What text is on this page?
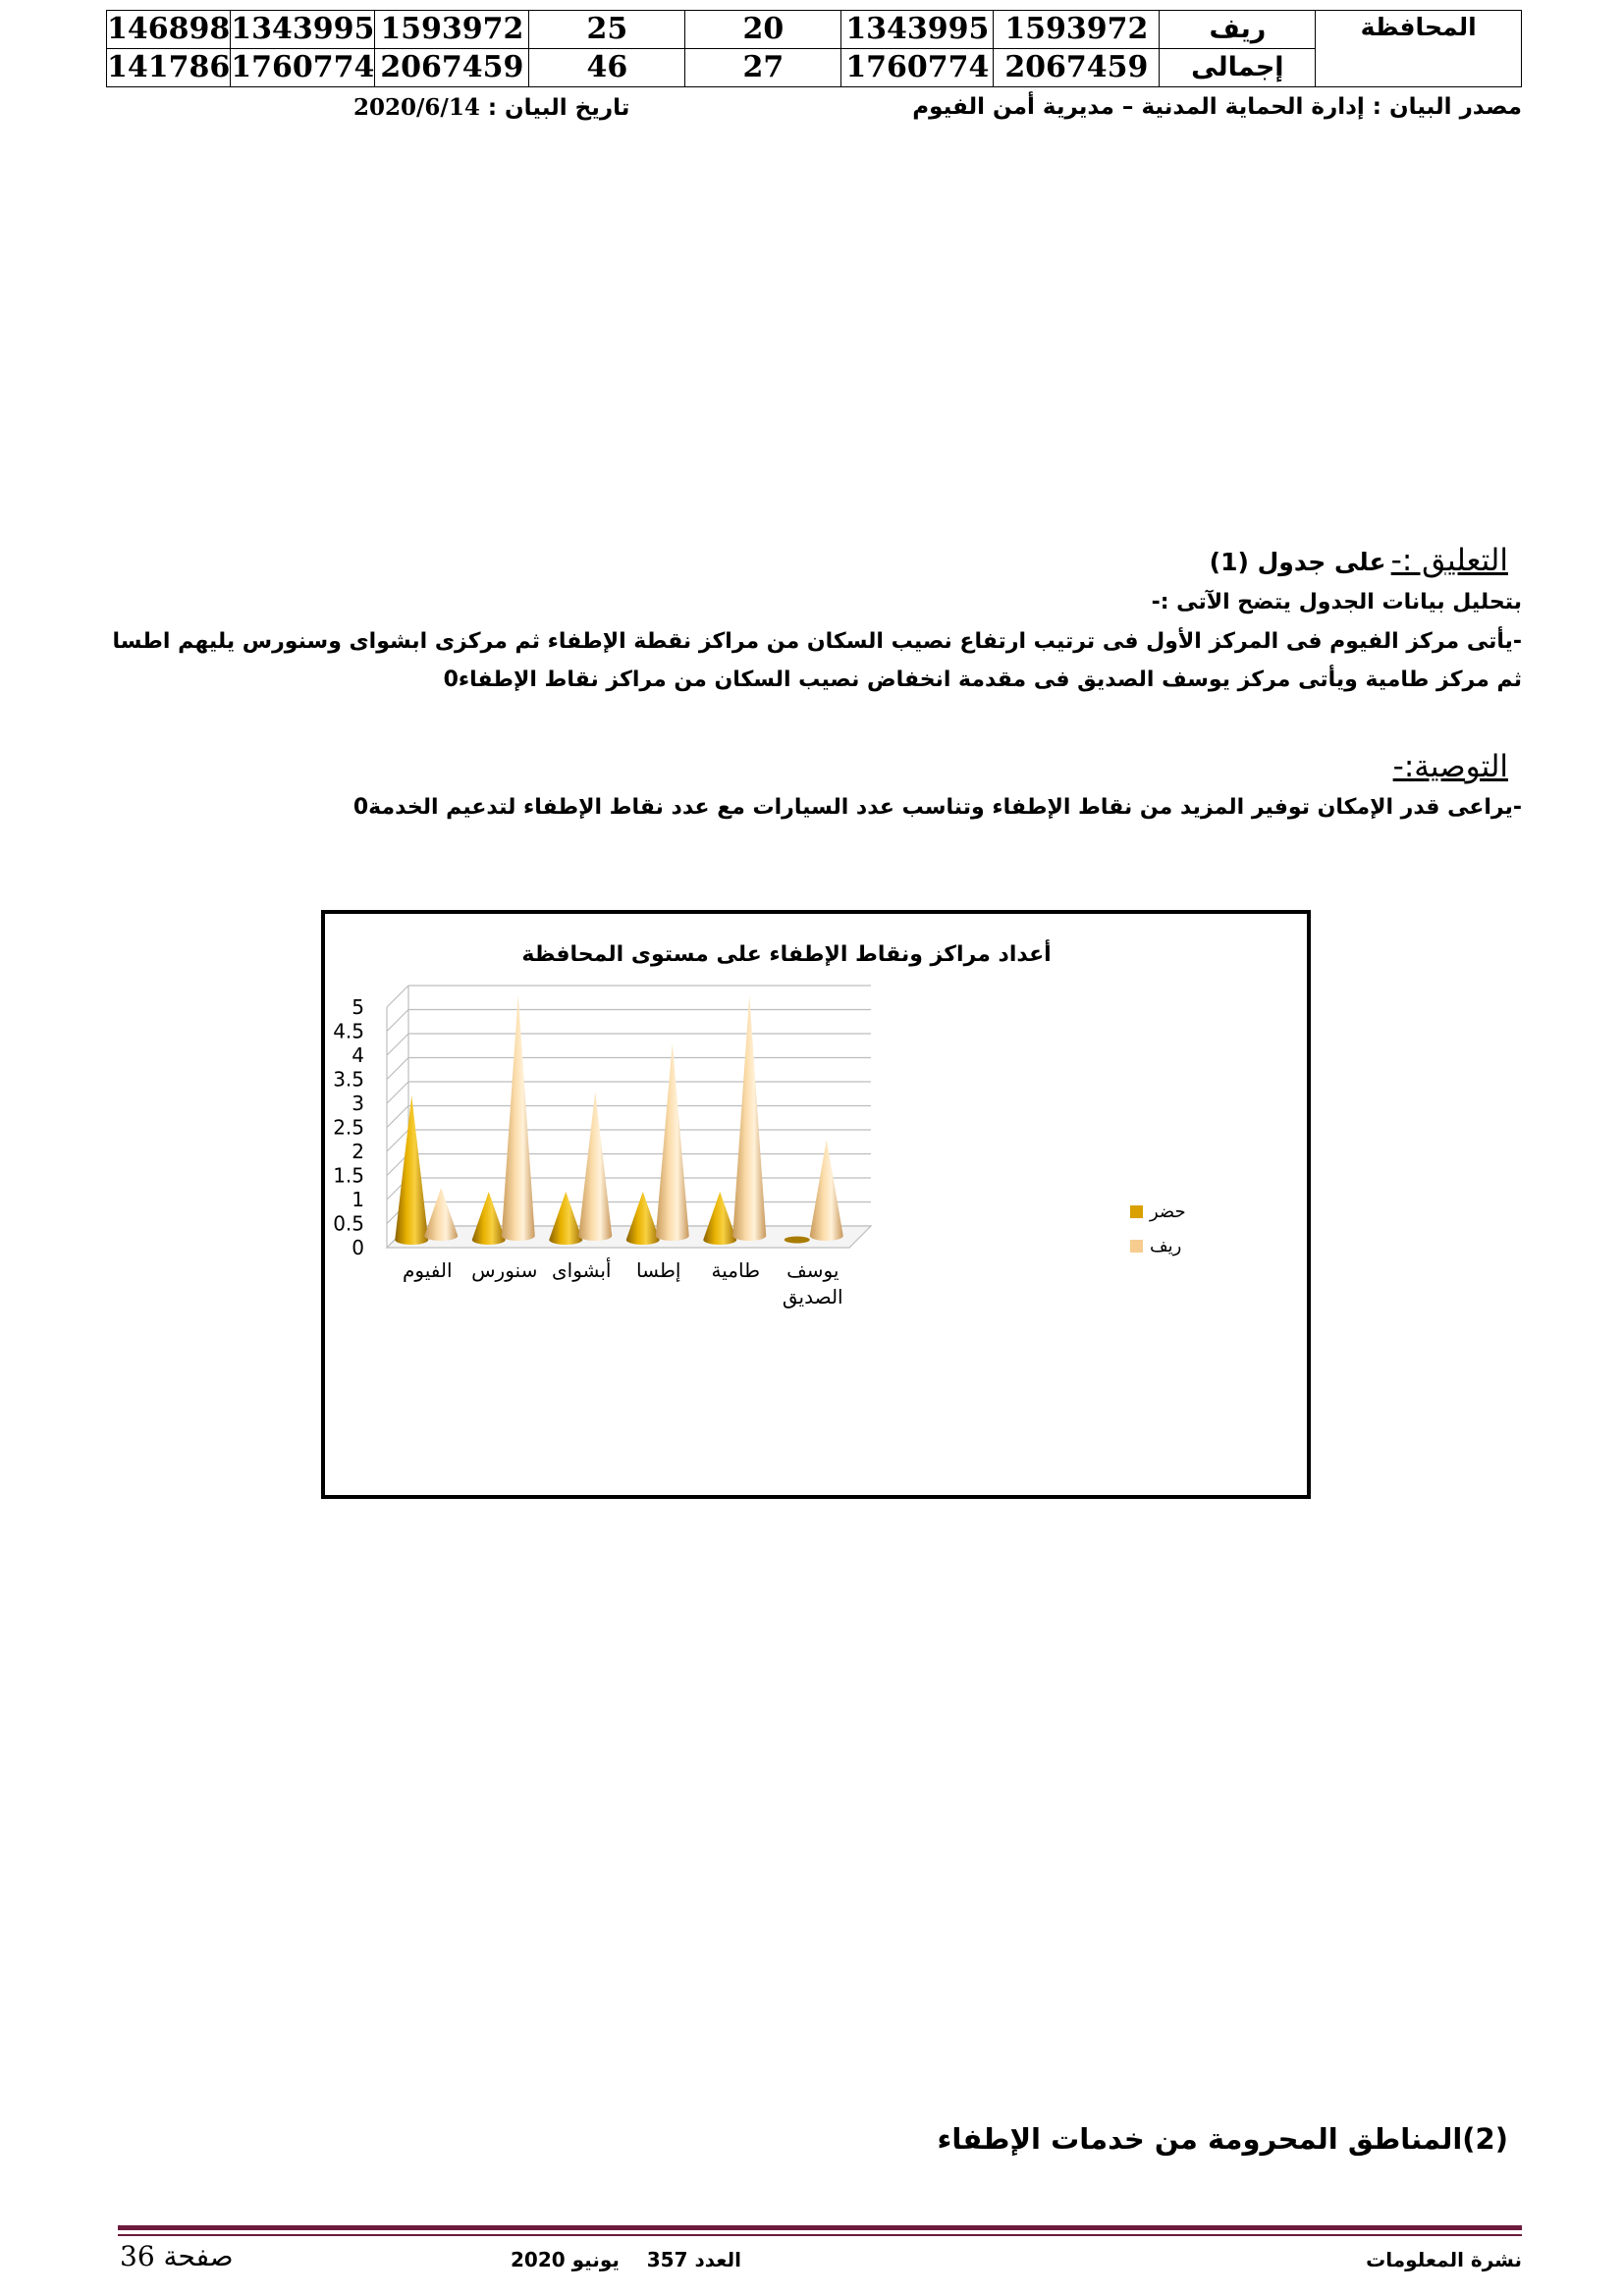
146898	1343995	1593972	25	20	1343995	1593972	ريف	المحافظة
141786	1760774	2067459	46	27	1760774	2067459	إجمالى	
مصدر البيان : إدارة الحماية المدنية – مديرية أمن الفيوم
تاريخ البيان : 2020/6/14
التعليق :- على جدول (1)
بتحليل بيانات الجدول يتضح الآتى :-
-يأتى مركز الفيوم فى المركز الأول فى ترتيب ارتفاع نصيب السكان من مراكز نقطة الإطفاء ثم مركزى ابشواى وسنورس يليهم اطسا
ثم مركز طامية ويأتى مركز يوسف الصديق فى مقدمة انخفاض نصيب السكان من مراكز نقاط الإطفاء0
التوصية:-
-يراعى قدر الإمكان توفير المزيد من نقاط الإطفاء وتناسب عدد السيارات مع عدد نقاط الإطفاء لتدعيم الخدمة0
أعداد مراكز ونقاط الإطفاء على مستوى المحافظة
0
0.5
1
1.5
2
2.5
3
3.5
4
4.5
5
الفيوم سنورس أبشواى إطسا طامية يوسف
الصديق
حضر
ريف
(2)المناطق المحرومة من خدمات الإطفاء
نشرة المعلومات
العدد 357    يونيو 2020
صفحة 36
